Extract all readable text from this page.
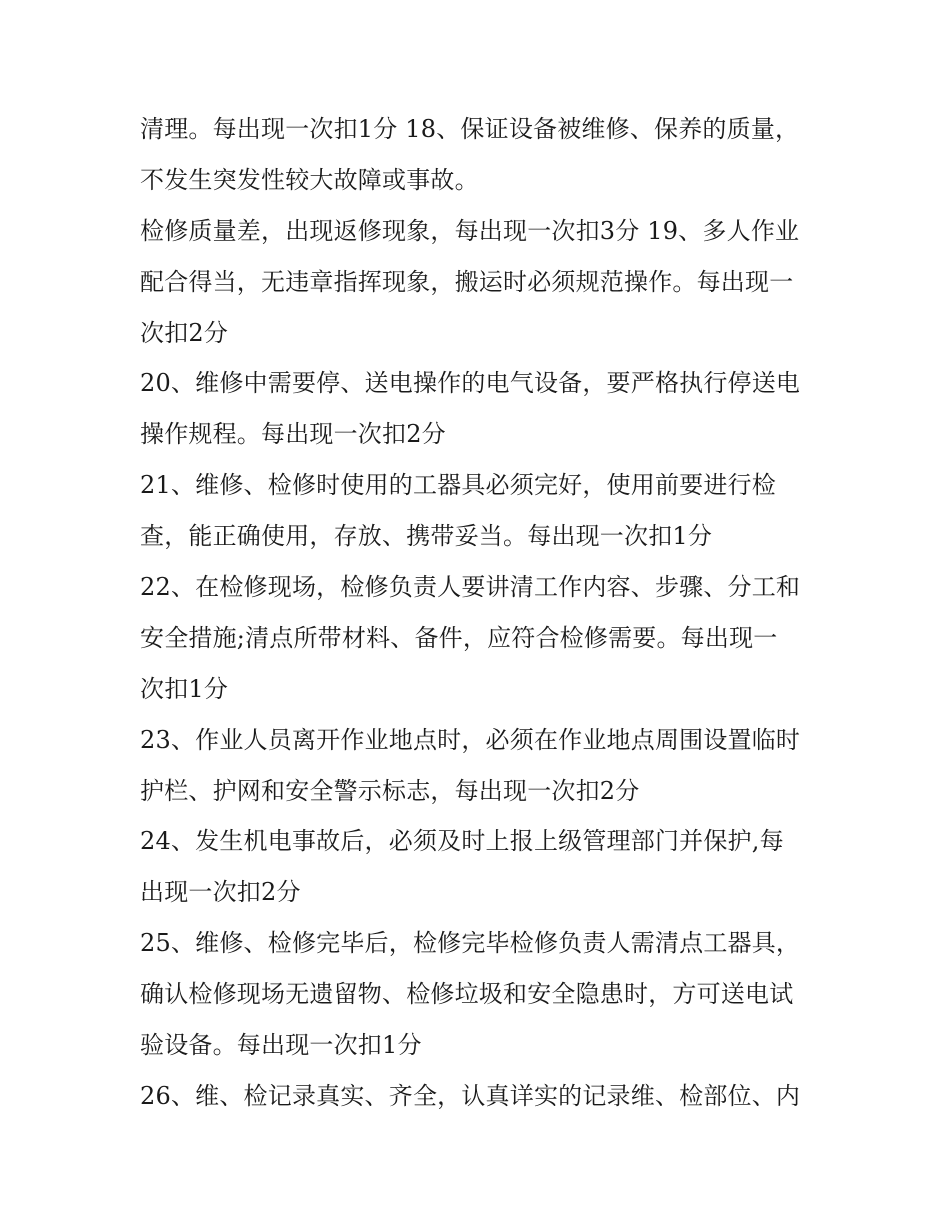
清理。每出现一次扣1分 18、保证设备被维修、保养的质量，
不发生突发性较大故障或事故。
检修质量差，出现返修现象，每出现一次扣3分 19、多人作业
配合得当，无违章指挥现象，搬运时必须规范操作。每出现一
次扣2分
20、维修中需要停、送电操作的电气设备，要严格执行停送电
操作规程。每出现一次扣2分
21、维修、检修时使用的工器具必须完好，使用前要进行检
查，能正确使用，存放、携带妥当。每出现一次扣1分
22、在检修现场，检修负责人要讲清工作内容、步骤、分工和
安全措施;清点所带材料、备件，应符合检修需要。每出现一
次扣1分
23、作业人员离开作业地点时，必须在作业地点周围设置临时
护栏、护网和安全警示标志，每出现一次扣2分
24、发生机电事故后，必须及时上报上级管理部门并保护,每
出现一次扣2分
25、维修、检修完毕后，检修完毕检修负责人需清点工器具，
确认检修现场无遗留物、检修垃圾和安全隐患时，方可送电试
验设备。每出现一次扣1分
26、维、检记录真实、齐全，认真详实的记录维、检部位、内
